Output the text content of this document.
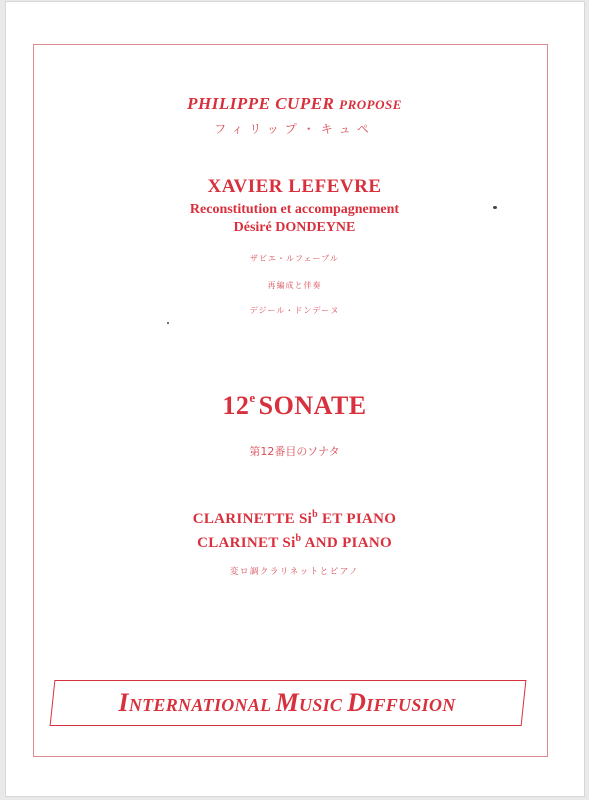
PHILIPPE CUPER PROPOSE
フィリップ・キュペ
XAVIER LEFEVRE
Reconstitution et accompagnement
Désiré DONDEYNE
ザビエ・ルフェーブル
再編成と伴奏
デジール・ドンデーヌ
12e SONATE
第12番目のソナタ
CLARINETTE Si$^b$ ET PIANO
CLARINET Si$^b$ AND PIANO
変ロ調クラリネットとピアノ
INTERNATIONAL MUSIC DIFFUSION
